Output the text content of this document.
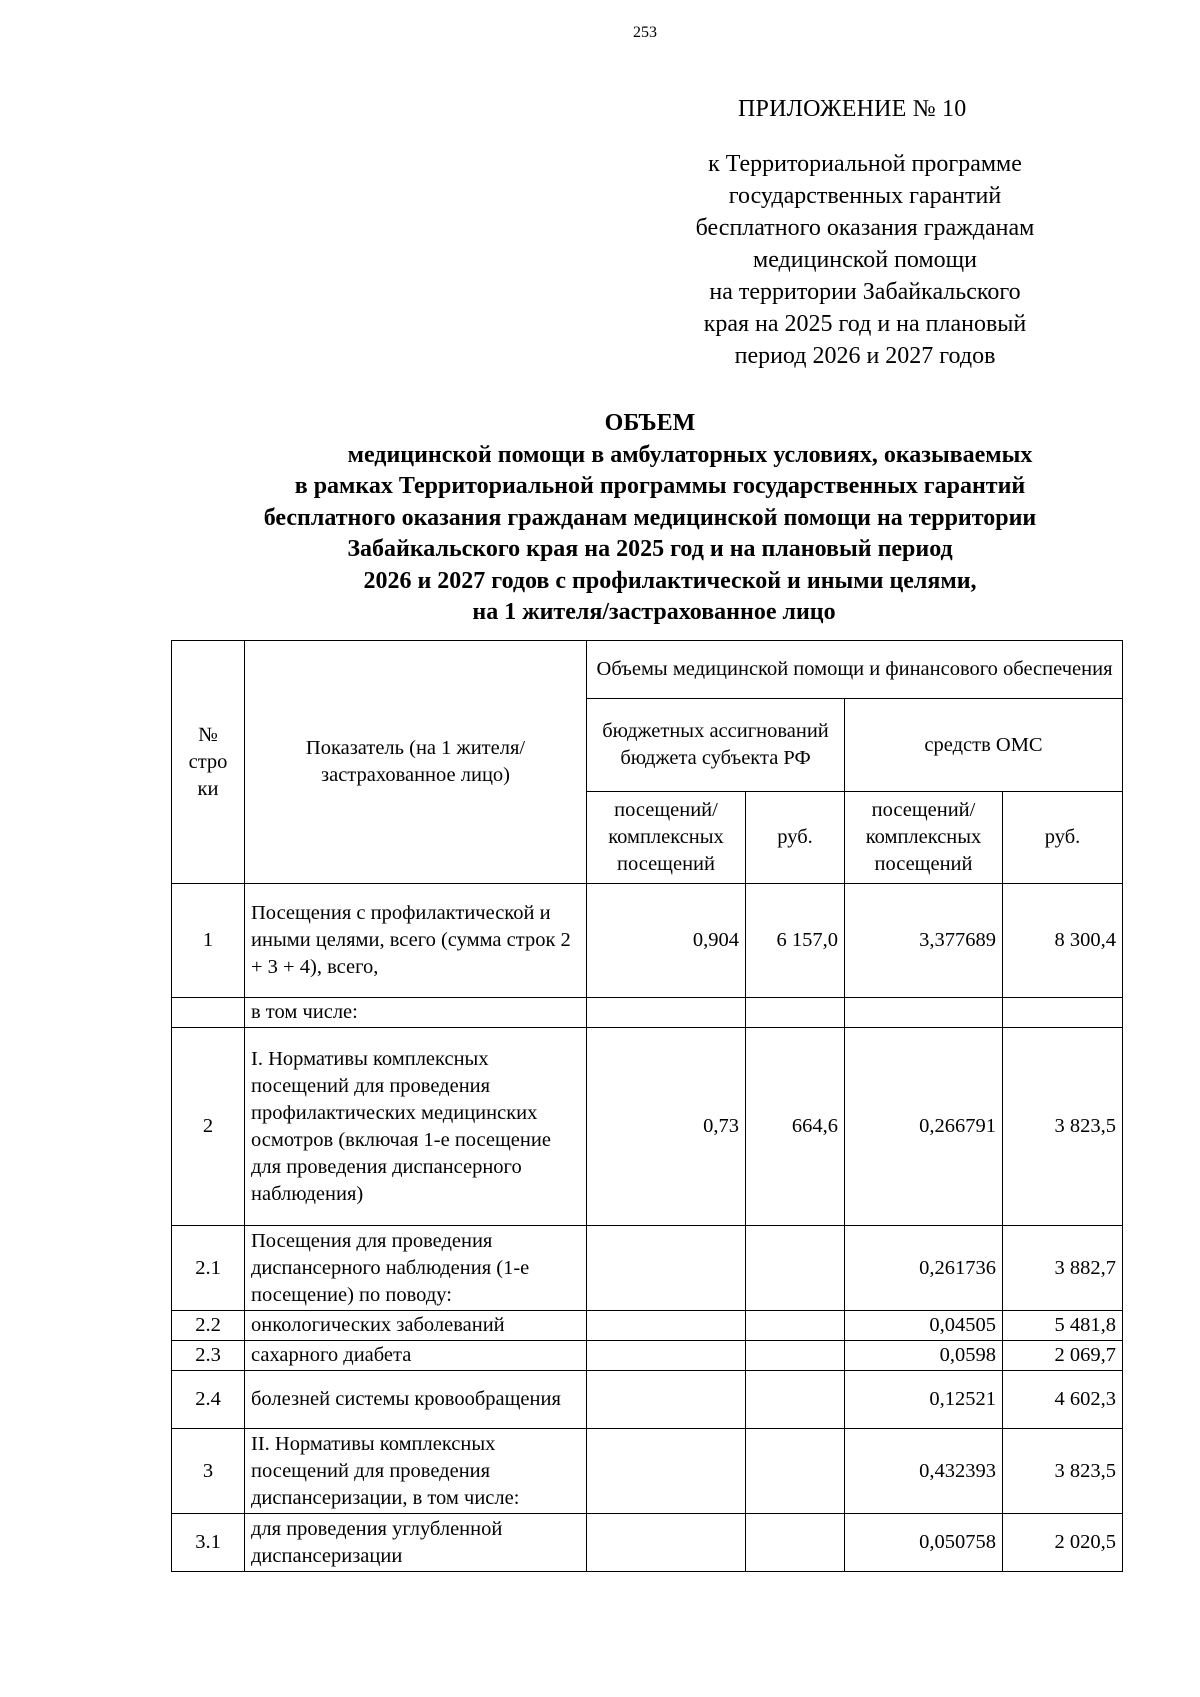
253
ПРИЛОЖЕНИЕ № 10
к Территориальной программе
государственных гарантий
бесплатного оказания гражданам
медицинской помощи
на территории Забайкальского
края на 2025 год и на плановый
период 2026 и 2027 годов
ОБЪЕМ
медицинской помощи в амбулаторных условиях, оказываемых
в рамках Территориальной программы государственных гарантий
бесплатного оказания гражданам медицинской помощи на территории
Забайкальского края на 2025 год и на плановый период
2026 и 2027 годов с профилактической и иными целями,
на 1 жителя/застрахованное лицо
№ стро ки	Показатель (на 1 жителя/застрахованное лицо)	Объемы медицинской помощи и финансового обеспечения			
		бюджетных ассигнований бюджета субъекта РФ		средств ОМС	
		посещений/ комплексных посещений	руб.	посещений/ комплексных посещений	руб.
1	Посещения с профилактической и иными целями, всего (сумма строк 2 + 3 + 4), всего,	0,904	6 157,0	3,377689	8 300,4
	в том числе:				
2	I. Нормативы комплексных посещений для проведения профилактических медицинских осмотров (включая 1-е посещение для проведения диспансерного наблюдения)	0,73	664,6	0,266791	3 823,5
2.1	Посещения для проведения диспансерного наблюдения (1-е посещение) по поводу:			0,261736	3 882,7
2.2	онкологических заболеваний			0,04505	5 481,8
2.3	сахарного диабета			0,0598	2 069,7
2.4	болезней системы кровообращения			0,12521	4 602,3
3	II. Нормативы комплексных посещений для проведения диспансеризации, в том числе:			0,432393	3 823,5
3.1	для проведения углубленной диспансеризации			0,050758	2 020,5
